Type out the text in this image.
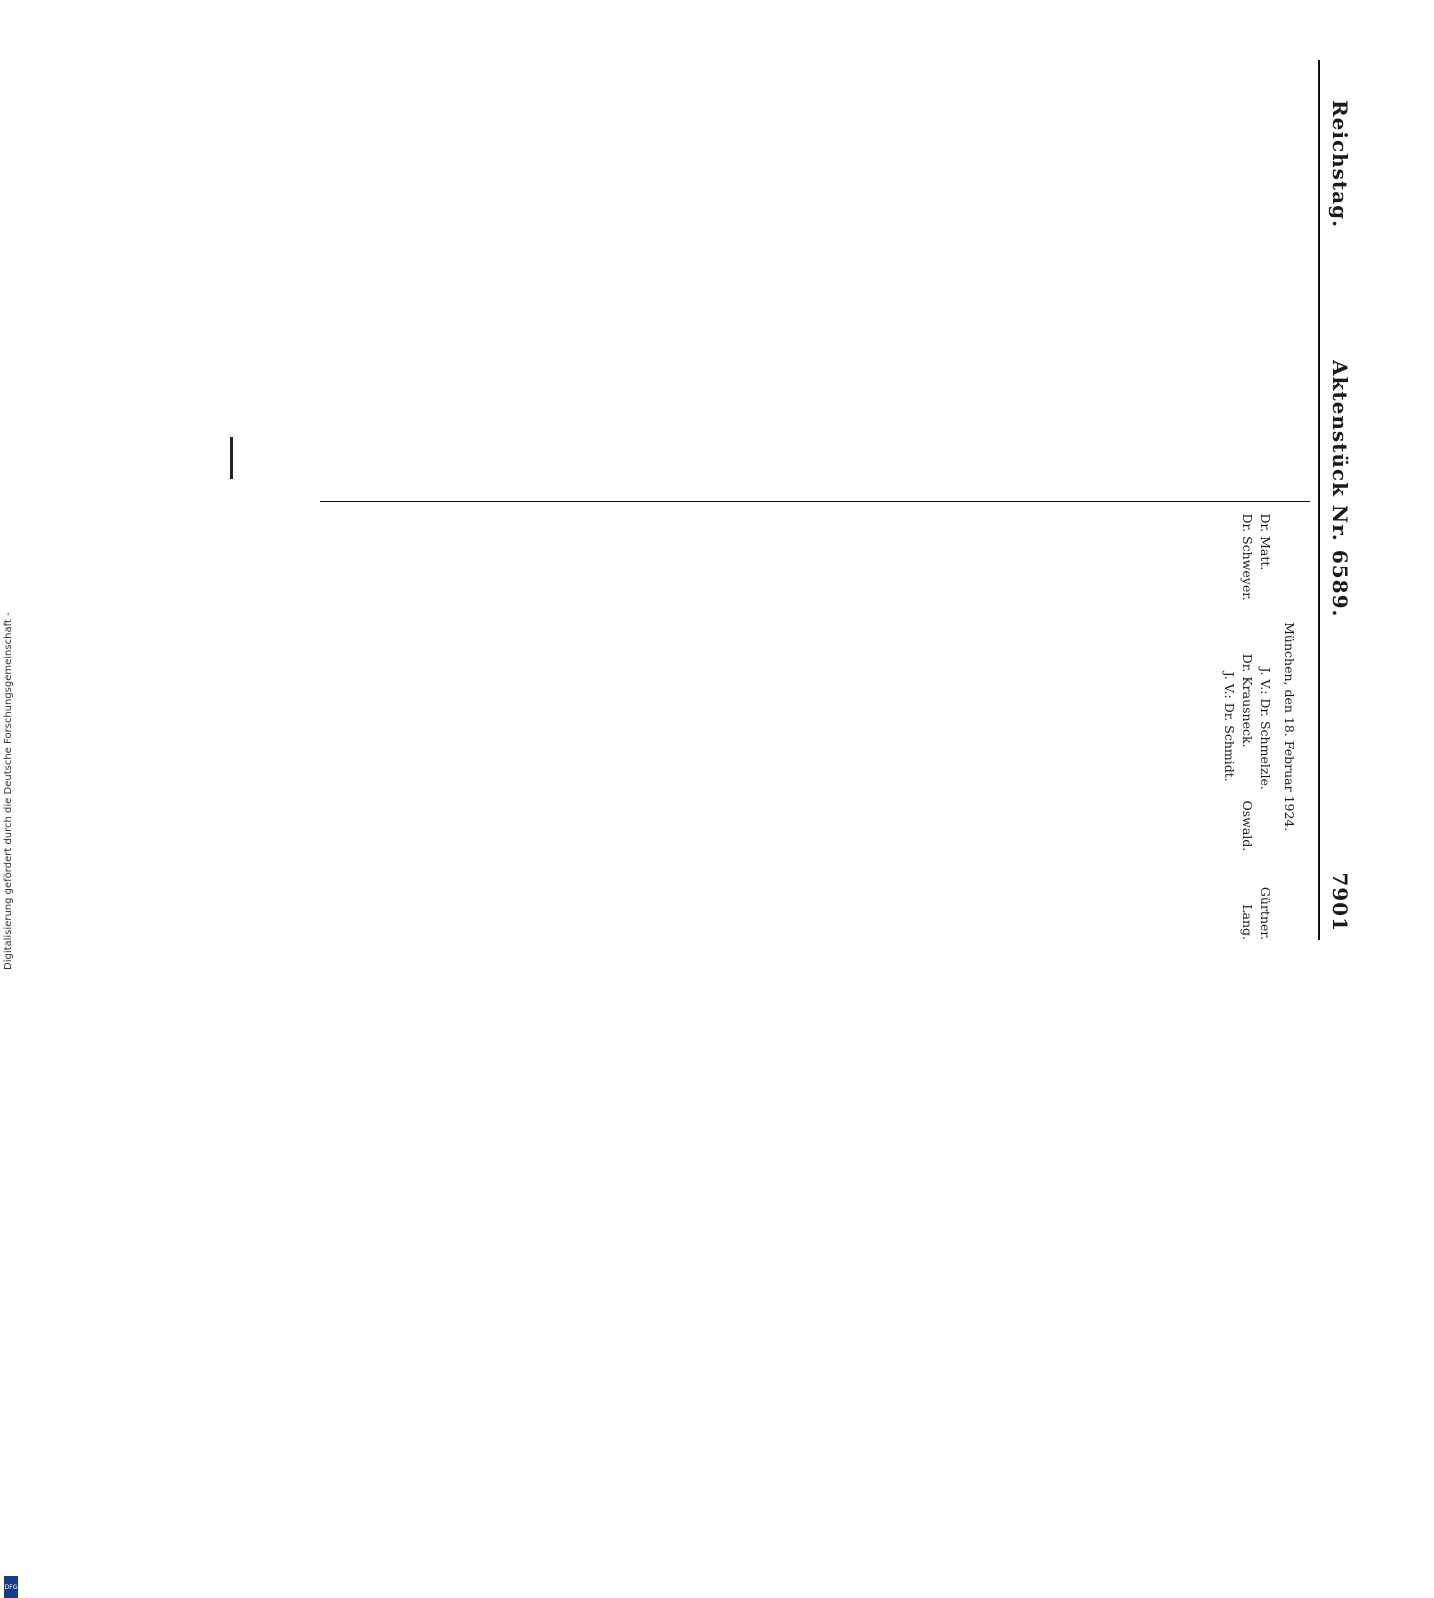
Reichstag.
Aktenstück Nr. 6589.
7901
München, den 18. Februar 1924.
Dr. Matt.
J. V.: Dr. Schmelzle.
Gürtner.
Dr. Schweyer.
Dr. Krausneck.
Oswald.
Lang.
J. V.: Dr. Schmidt.
Digitalisierung gefördert durch die Deutsche Forschungsgemeinschaft -
DFG
